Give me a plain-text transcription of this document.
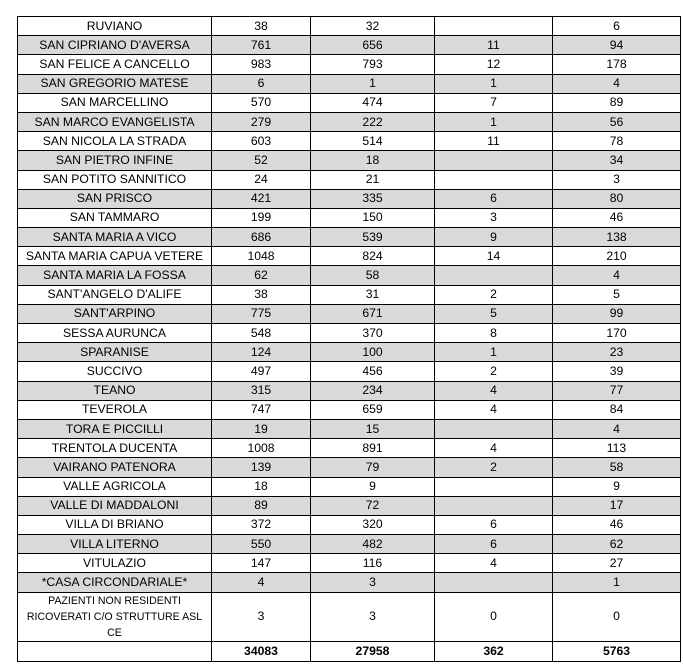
RUVIANO	38	32		6
SAN CIPRIANO D'AVERSA	761	656	11	94
SAN FELICE A CANCELLO	983	793	12	178
SAN GREGORIO MATESE	6	1	1	4
SAN MARCELLINO	570	474	7	89
SAN MARCO EVANGELISTA	279	222	1	56
SAN NICOLA LA STRADA	603	514	11	78
SAN PIETRO INFINE	52	18		34
SAN POTITO SANNITICO	24	21		3
SAN PRISCO	421	335	6	80
SAN TAMMARO	199	150	3	46
SANTA MARIA A VICO	686	539	9	138
SANTA MARIA CAPUA VETERE	1048	824	14	210
SANTA MARIA LA FOSSA	62	58		4
SANT'ANGELO D'ALIFE	38	31	2	5
SANT'ARPINO	775	671	5	99
SESSA AURUNCA	548	370	8	170
SPARANISE	124	100	1	23
SUCCIVO	497	456	2	39
TEANO	315	234	4	77
TEVEROLA	747	659	4	84
TORA E PICCILLI	19	15		4
TRENTOLA DUCENTA	1008	891	4	113
VAIRANO PATENORA	139	79	2	58
VALLE AGRICOLA	18	9		9
VALLE DI MADDALONI	89	72		17
VILLA DI BRIANO	372	320	6	46
VILLA LITERNO	550	482	6	62
VITULAZIO	147	116	4	27
*CASA CIRCONDARIALE*	4	3		1
PAZIENTI NON RESIDENTI RICOVERATI C/O STRUTTURE ASL CE	3	3	0	0
	34083	27958	362	5763
